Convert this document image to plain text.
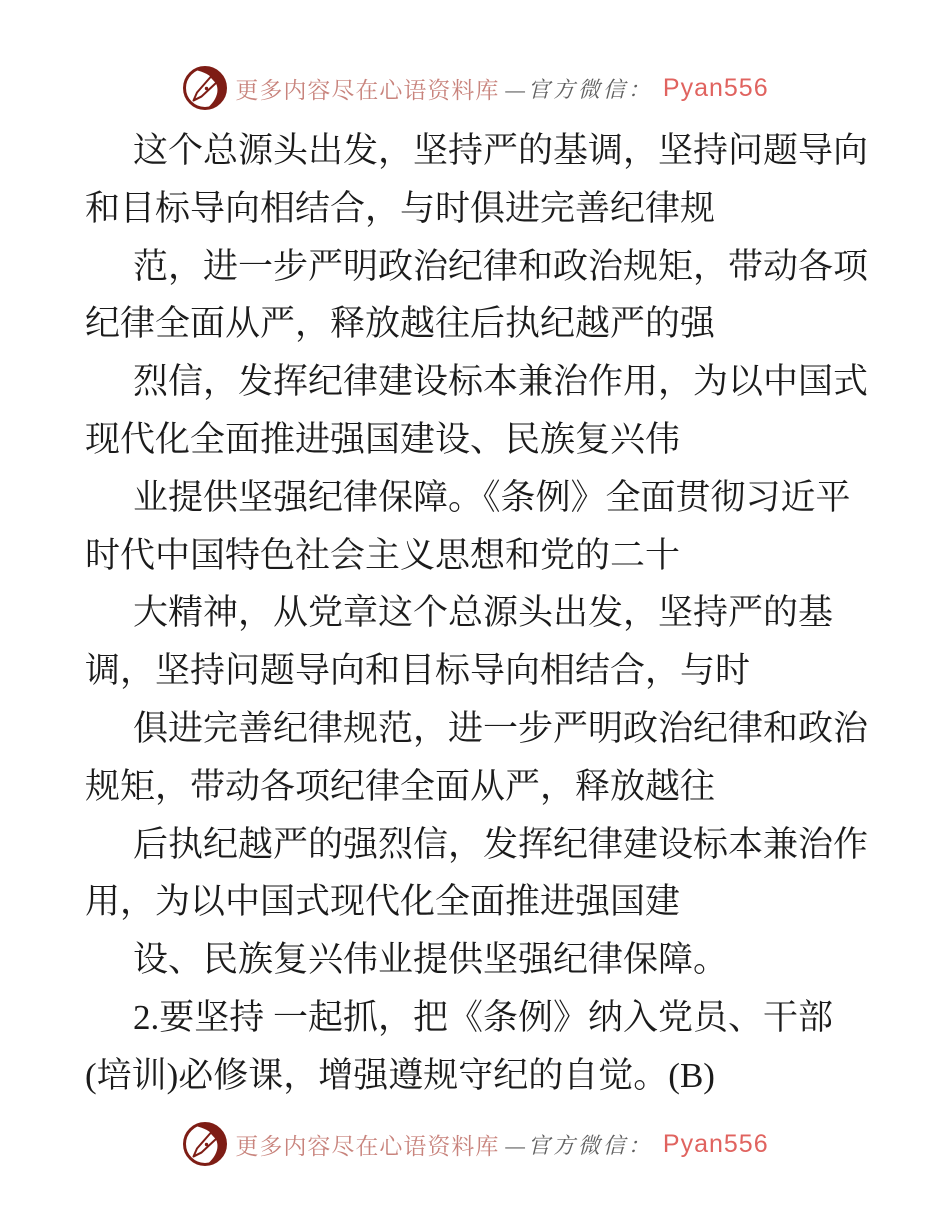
更多内容尽在心语资料库 —官方微信： Pyan556
这个总源头出发，坚持严的基调，坚持问题导向
和目标导向相结合，与时俱进完善纪律规
范，进一步严明政治纪律和政治规矩，带动各项
纪律全面从严，释放越往后执纪越严的强
烈信，发挥纪律建设标本兼治作用，为以中国式
现代化全面推进强国建设、民族复兴伟
业提供坚强纪律保障。《条例》全面贯彻习近平
时代中国特色社会主义思想和党的二十
大精神，从党章这个总源头出发，坚持严的基
调，坚持问题导向和目标导向相结合，与时
俱进完善纪律规范，进一步严明政治纪律和政治
规矩，带动各项纪律全面从严，释放越往
后执纪越严的强烈信，发挥纪律建设标本兼治作
用，为以中国式现代化全面推进强国建
设、民族复兴伟业提供坚强纪律保障。
2.要坚持 一起抓，把《条例》纳入党员、干部
(培训)必修课，增强遵规守纪的自觉。(B)
更多内容尽在心语资料库 —官方微信： Pyan556
